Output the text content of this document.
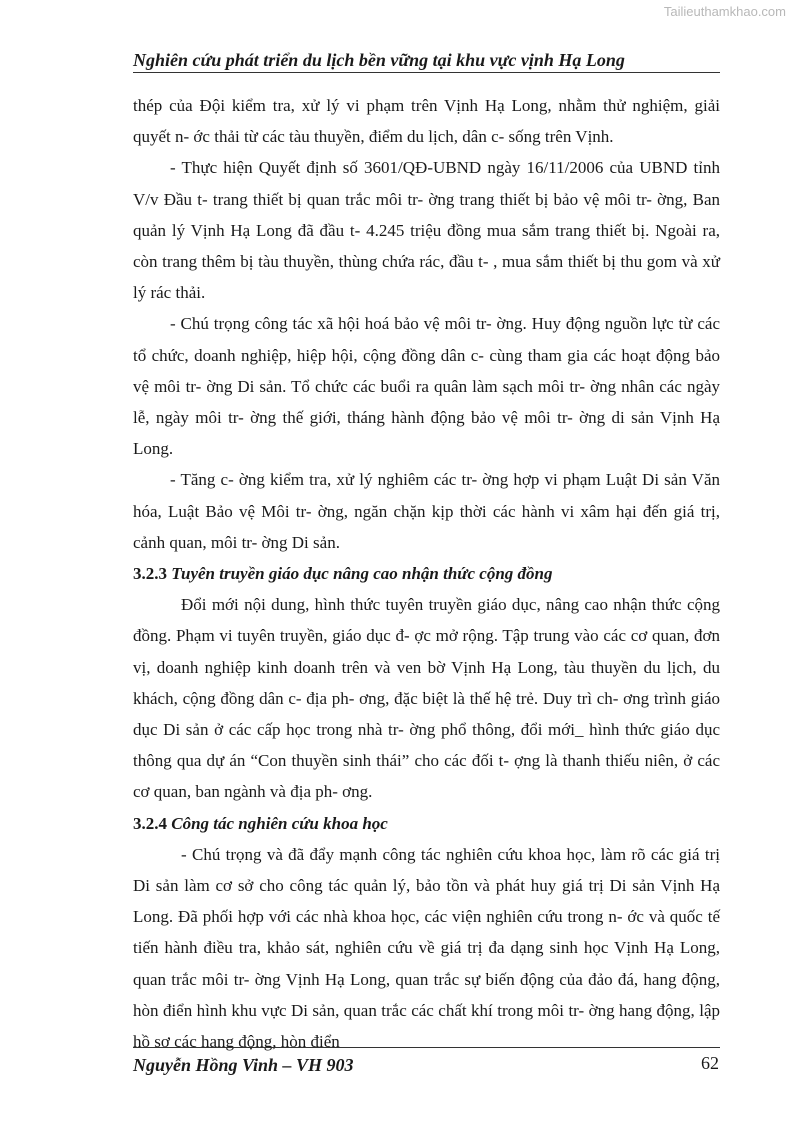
Tailieuthamkhao.com
Nghiên cứu phát triển du lịch bền vững tại khu vực vịnh Hạ Long

thép của Đội kiểm tra, xử lý vi phạm trên Vịnh Hạ Long, nhằm thử nghiệm, giải quyết n- ớc thải từ các tàu thuyền, điểm du lịch, dân c- sống trên Vịnh.

- Thực hiện Quyết định số 3601/QĐ-UBND ngày 16/11/2006 của UBND tỉnh V/v Đầu t- trang thiết bị quan trắc môi tr- ờng trang thiết bị bảo vệ môi tr- ờng, Ban quản lý Vịnh Hạ Long đã đầu t- 4.245 triệu đồng mua sắm trang thiết bị. Ngoài ra, còn trang thêm bị tàu thuyền, thùng chứa rác, đầu t- , mua sắm thiết bị thu gom và xử lý rác thải.

- Chú trọng công tác xã hội hoá bảo vệ môi tr- ờng. Huy động nguồn lực từ các tổ chức, doanh nghiệp, hiệp hội, cộng đồng dân c- cùng tham gia các hoạt động bảo vệ môi tr- ờng Di sản. Tổ chức các buổi ra quân làm sạch môi tr- ờng nhân các ngày lễ, ngày môi tr- ờng thế giới, tháng hành động bảo vệ môi tr- ờng di sản Vịnh Hạ Long.

- Tăng c- ờng kiểm tra, xử lý nghiêm các tr- ờng hợp vi phạm Luật Di sản Văn hóa, Luật Bảo vệ Môi tr- ờng, ngăn chặn kịp thời các hành vi xâm hại đến giá trị, cảnh quan, môi tr- ờng Di sản.

3.2.3 Tuyên truyền giáo dục nâng cao nhận thức cộng đồng

Đổi mới nội dung, hình thức tuyên truyền giáo dục, nâng cao nhận thức cộng đồng. Phạm vi tuyên truyền, giáo dục đ- ợc mở rộng. Tập trung vào các cơ quan, đơn vị, doanh nghiệp kinh doanh trên và ven bờ Vịnh Hạ Long, tàu thuyền du lịch, du khách, cộng đồng dân c- địa ph- ơng, đặc biệt là thế hệ trẻ. Duy trì ch- ơng trình giáo dục Di sản ở các cấp học trong nhà tr- ờng phổ thông, đổi mới_ hình thức giáo dục thông qua dự án “Con thuyền sinh thái” cho các đối t- ợng là thanh thiếu niên, ở các cơ quan, ban ngành và địa ph- ơng.

3.2.4 Công tác nghiên cứu khoa học

- Chú trọng và đã đẩy mạnh công tác nghiên cứu khoa học, làm rõ các giá trị Di sản làm cơ sở cho công tác quản lý, bảo tồn và phát huy giá trị Di sản Vịnh Hạ Long. Đã phối hợp với các nhà khoa học, các viện nghiên cứu trong n- ớc và quốc tế tiến hành điều tra, khảo sát, nghiên cứu về giá trị đa dạng sinh học Vịnh Hạ Long, quan trắc môi tr- ờng Vịnh Hạ Long, quan trắc sự biến động của đảo đá, hang động, hòn điển hình khu vực Di sản, quan trắc các chất khí trong môi tr- ờng hang động, lập hồ sơ các hang động, hòn điển

Nguyễn Hồng Vinh – VH 903	62
